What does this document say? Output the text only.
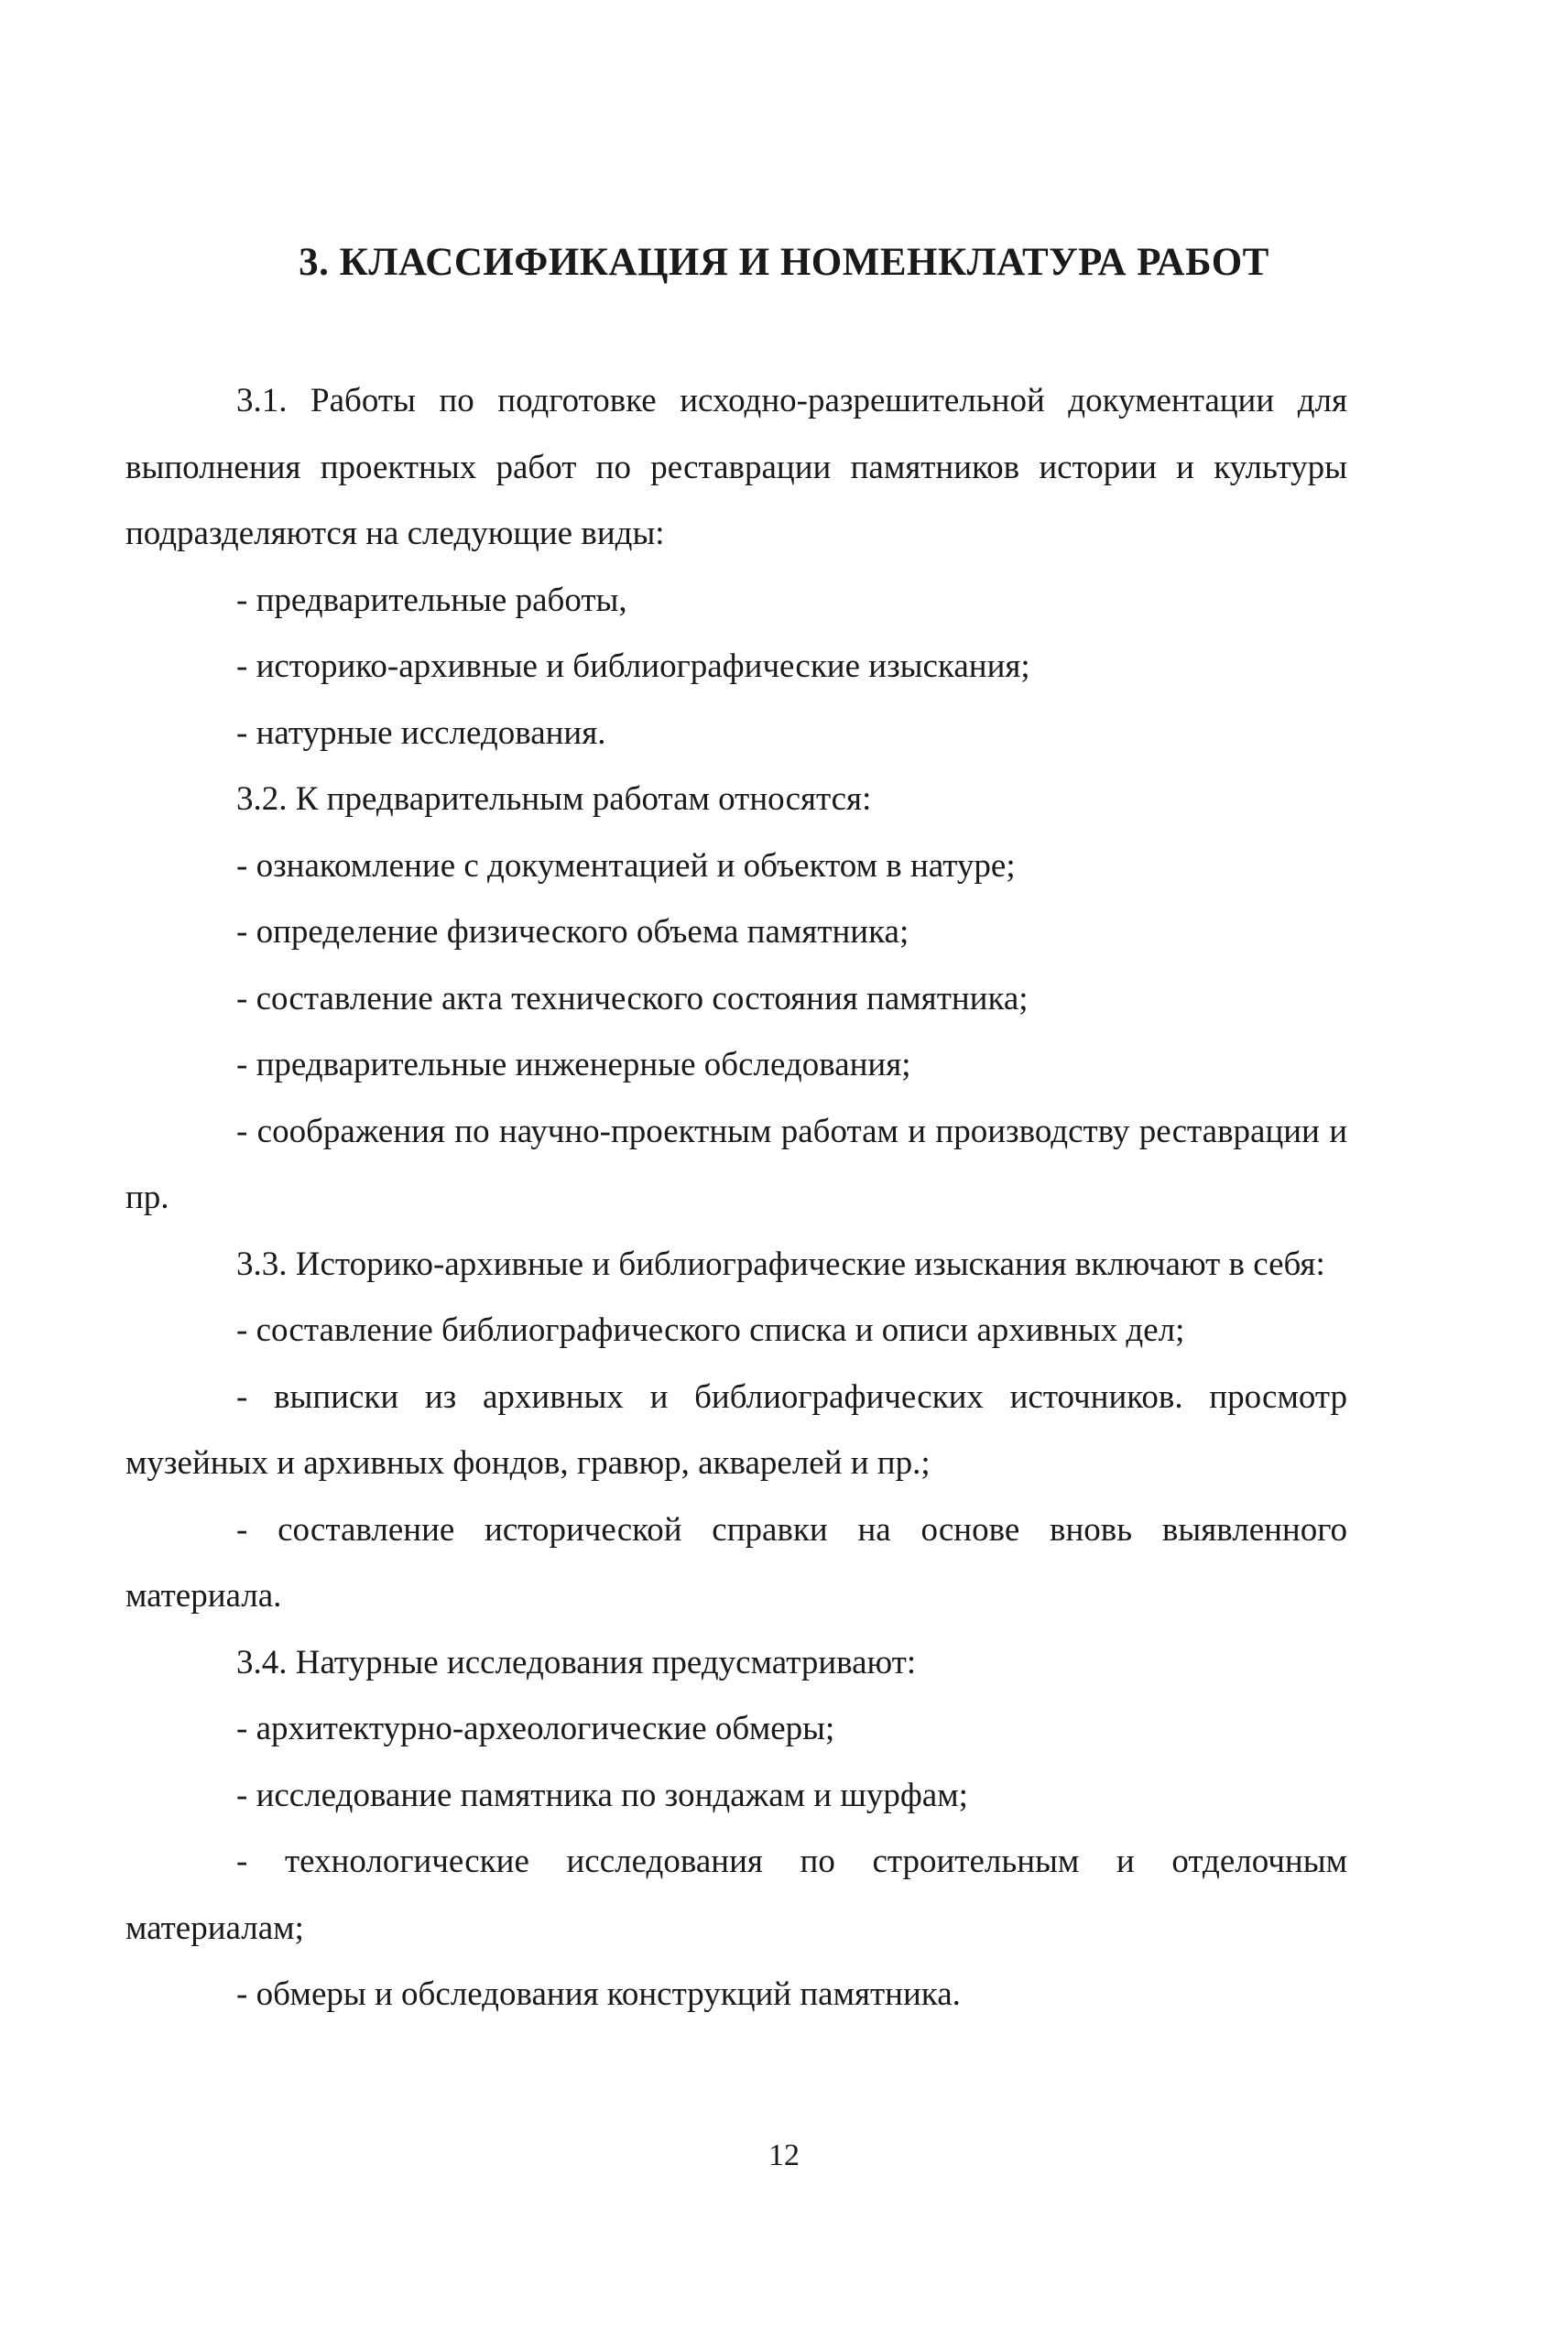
3. КЛАССИФИКАЦИЯ И НОМЕНКЛАТУРА РАБОТ

3.1. Работы по подготовке исходно-разрешительной документации для выполнения проектных работ по реставрации памятников истории и культуры подразделяются на следующие виды:

- предварительные работы,

- историко-архивные и библиографические изыскания;

- натурные исследования.

3.2. К предварительным работам относятся:

- ознакомление с документацией и объектом в натуре;

- определение физического объема памятника;

- составление акта технического состояния памятника;

- предварительные инженерные обследования;

- соображения по научно-проектным работам и производству реставрации и пр.

3.3. Историко-архивные и библиографические изыскания включают в себя:

- составление библиографического списка и описи архивных дел;

- выписки из архивных и библиографических источников. просмотр музейных и архивных фондов, гравюр, акварелей и пр.;

- составление исторической справки на основе вновь выявленного материала.

3.4. Натурные исследования предусматривают:

- архитектурно-археологические обмеры;

- исследование памятника по зондажам и шурфам;

- технологические исследования по строительным и отделочным материалам;

- обмеры и обследования конструкций памятника.

12
